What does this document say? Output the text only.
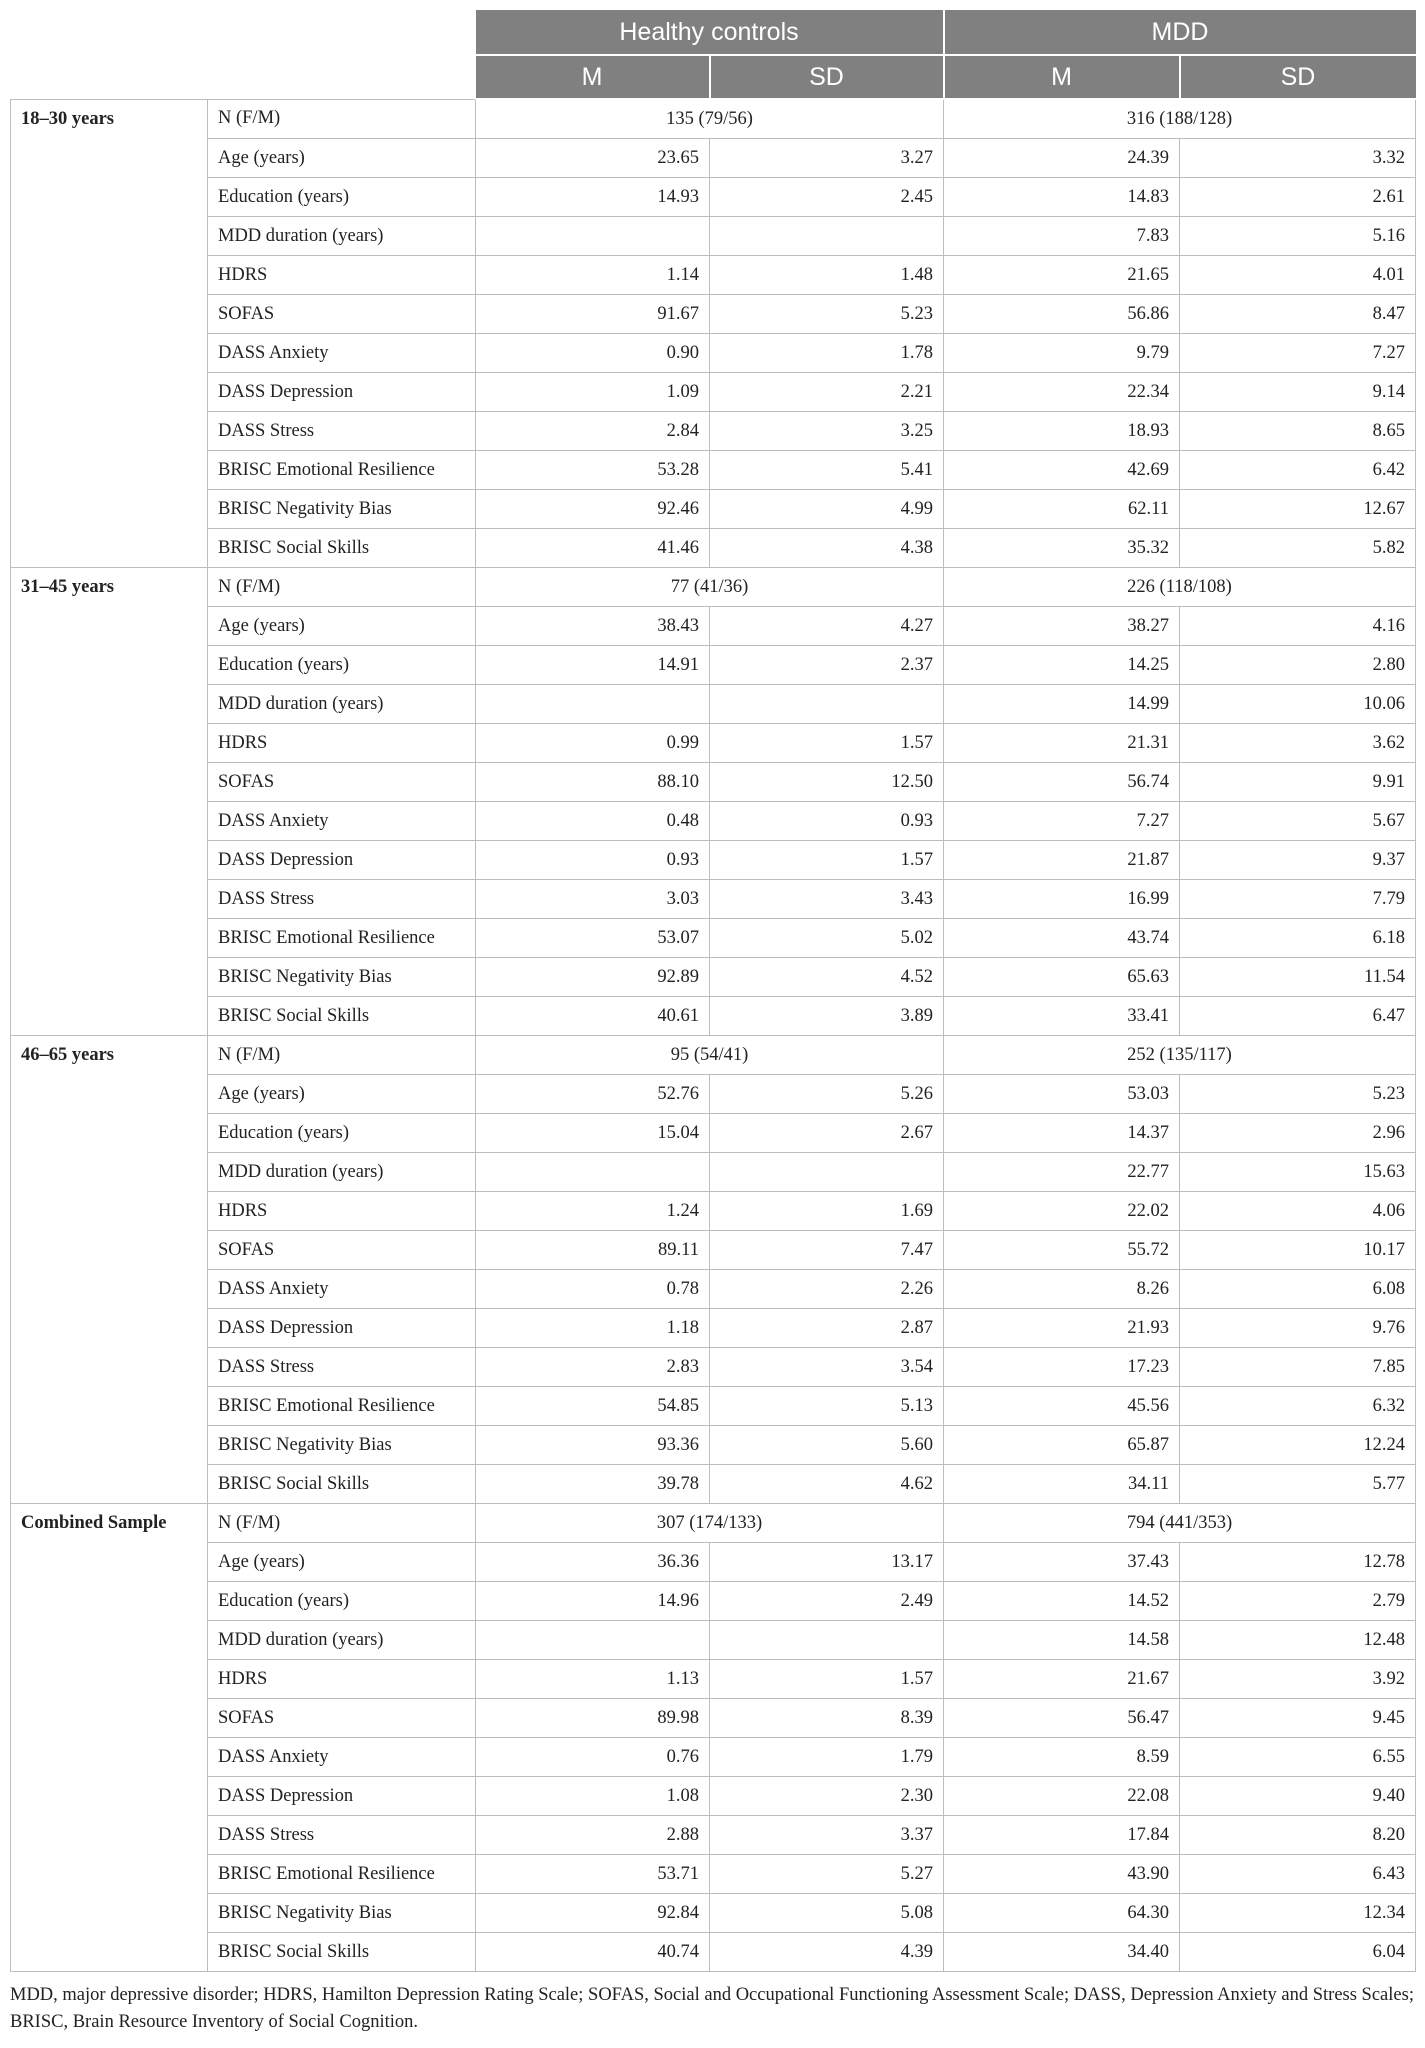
		Healthy controls		MDD	
		M	SD	M	SD
18–30 years	N (F/M)	135 (79/56)		316 (188/128)	
	Age (years)	23.65	3.27	24.39	3.32
	Education (years)	14.93	2.45	14.83	2.61
	MDD duration (years)			7.83	5.16
	HDRS	1.14	1.48	21.65	4.01
	SOFAS	91.67	5.23	56.86	8.47
	DASS Anxiety	0.90	1.78	9.79	7.27
	DASS Depression	1.09	2.21	22.34	9.14
	DASS Stress	2.84	3.25	18.93	8.65
	BRISC Emotional Resilience	53.28	5.41	42.69	6.42
	BRISC Negativity Bias	92.46	4.99	62.11	12.67
	BRISC Social Skills	41.46	4.38	35.32	5.82
31–45 years	N (F/M)	77 (41/36)		226 (118/108)	
	Age (years)	38.43	4.27	38.27	4.16
	Education (years)	14.91	2.37	14.25	2.80
	MDD duration (years)			14.99	10.06
	HDRS	0.99	1.57	21.31	3.62
	SOFAS	88.10	12.50	56.74	9.91
	DASS Anxiety	0.48	0.93	7.27	5.67
	DASS Depression	0.93	1.57	21.87	9.37
	DASS Stress	3.03	3.43	16.99	7.79
	BRISC Emotional Resilience	53.07	5.02	43.74	6.18
	BRISC Negativity Bias	92.89	4.52	65.63	11.54
	BRISC Social Skills	40.61	3.89	33.41	6.47
46–65 years	N (F/M)	95 (54/41)		252 (135/117)	
	Age (years)	52.76	5.26	53.03	5.23
	Education (years)	15.04	2.67	14.37	2.96
	MDD duration (years)			22.77	15.63
	HDRS	1.24	1.69	22.02	4.06
	SOFAS	89.11	7.47	55.72	10.17
	DASS Anxiety	0.78	2.26	8.26	6.08
	DASS Depression	1.18	2.87	21.93	9.76
	DASS Stress	2.83	3.54	17.23	7.85
	BRISC Emotional Resilience	54.85	5.13	45.56	6.32
	BRISC Negativity Bias	93.36	5.60	65.87	12.24
	BRISC Social Skills	39.78	4.62	34.11	5.77
Combined Sample	N (F/M)	307 (174/133)		794 (441/353)	
	Age (years)	36.36	13.17	37.43	12.78
	Education (years)	14.96	2.49	14.52	2.79
	MDD duration (years)			14.58	12.48
	HDRS	1.13	1.57	21.67	3.92
	SOFAS	89.98	8.39	56.47	9.45
	DASS Anxiety	0.76	1.79	8.59	6.55
	DASS Depression	1.08	2.30	22.08	9.40
	DASS Stress	2.88	3.37	17.84	8.20
	BRISC Emotional Resilience	53.71	5.27	43.90	6.43
	BRISC Negativity Bias	92.84	5.08	64.30	12.34
	BRISC Social Skills	40.74	4.39	34.40	6.04
MDD, major depressive disorder; HDRS, Hamilton Depression Rating Scale; SOFAS, Social and Occupational Functioning Assessment Scale; DASS, Depression Anxiety and Stress Scales; BRISC, Brain Resource Inventory of Social Cognition.
